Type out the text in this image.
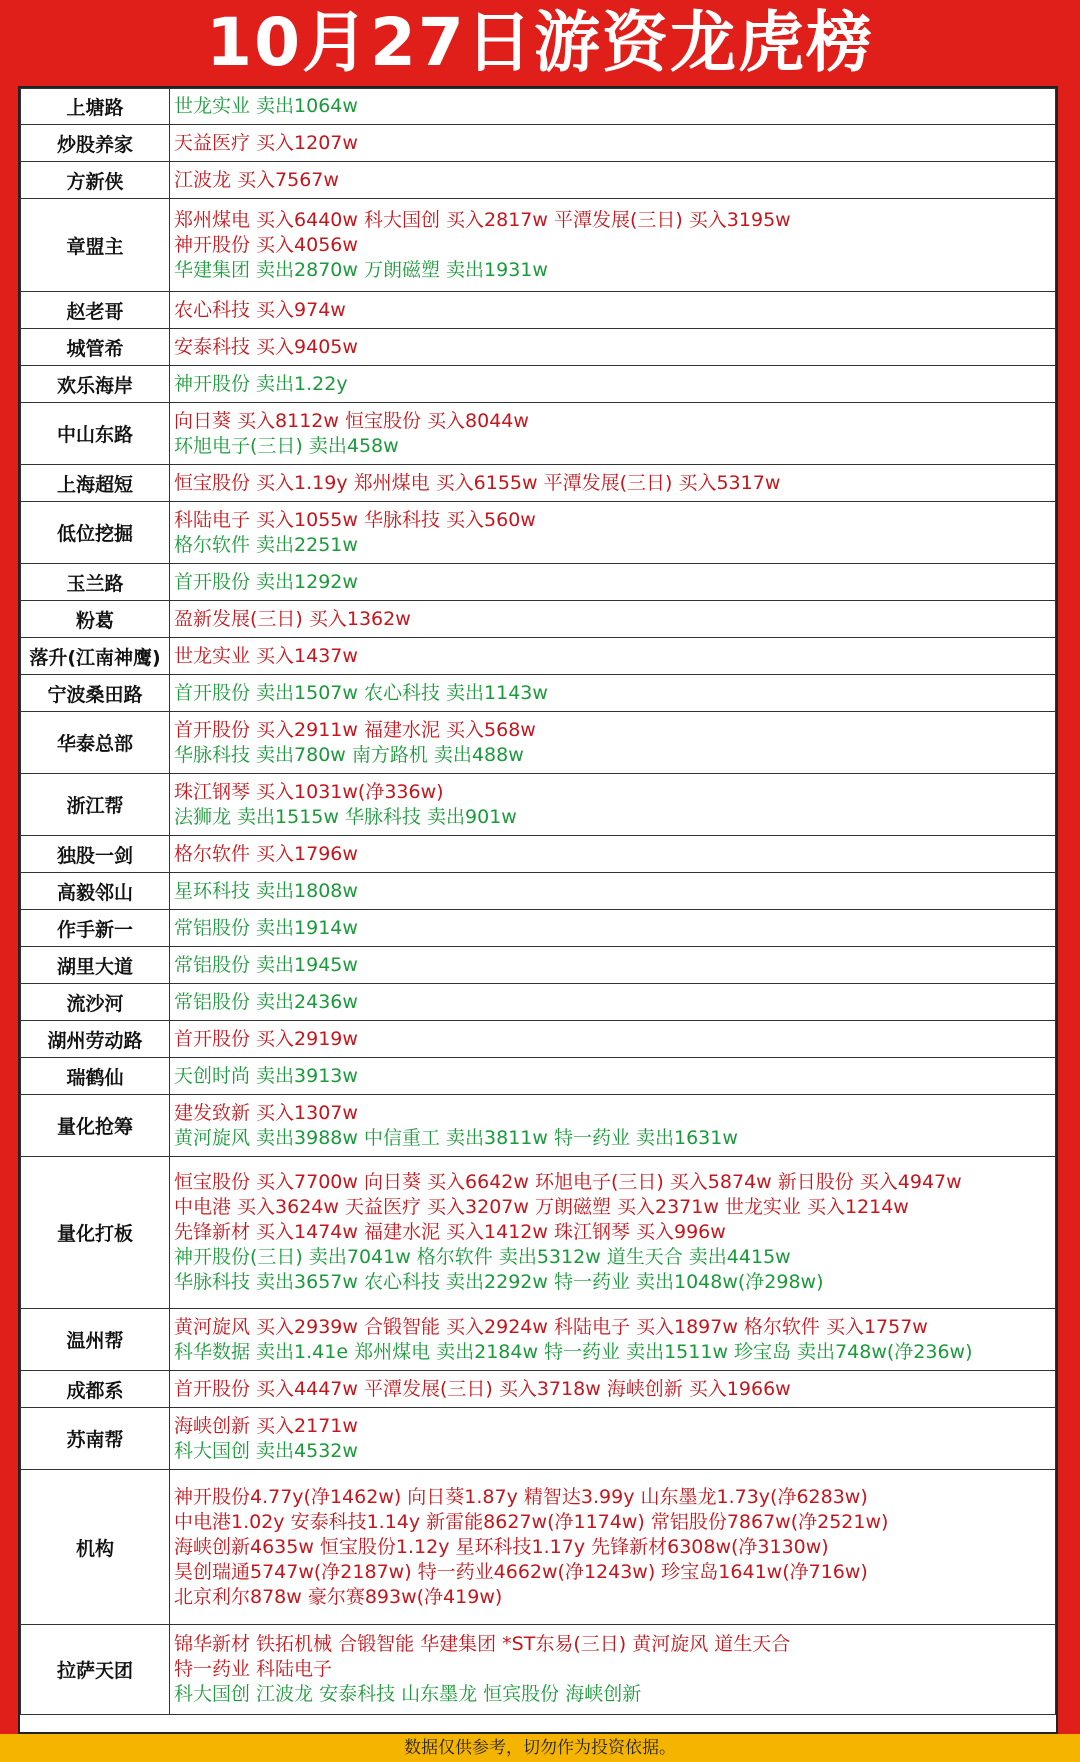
10月27日游资龙虎榜
上塘路	世龙实业 卖出1064w

炒股养家	天益医疗 买入1207w

方新侠	江波龙 买入7567w

章盟主	郑州煤电 买入6440w 科大国创 买入2817w 平潭发展(三日) 买入3195w
神开股份 买入4056w
华建集团 卖出2870w 万朗磁塑 卖出1931w

赵老哥	农心科技 买入974w

城管希	安泰科技 买入9405w

欢乐海岸	神开股份 卖出1.22y

中山东路	向日葵 买入8112w 恒宝股份 买入8044w
环旭电子(三日) 卖出458w

上海超短	恒宝股份 买入1.19y 郑州煤电 买入6155w 平潭发展(三日) 买入5317w

低位挖掘	科陆电子 买入1055w 华脉科技 买入560w
格尔软件 卖出2251w

玉兰路	首开股份 卖出1292w

粉葛	盈新发展(三日) 买入1362w

落升(江南神鹰)	世龙实业 买入1437w

宁波桑田路	首开股份 卖出1507w 农心科技 卖出1143w

华泰总部	首开股份 买入2911w 福建水泥 买入568w
华脉科技 卖出780w 南方路机 卖出488w

浙江帮	珠江钢琴 买入1031w(净336w)
法狮龙 卖出1515w 华脉科技 卖出901w

独股一剑	格尔软件 买入1796w

高毅邻山	星环科技 卖出1808w

作手新一	常铝股份 卖出1914w

湖里大道	常铝股份 卖出1945w

流沙河	常铝股份 卖出2436w

湖州劳动路	首开股份 买入2919w

瑞鹤仙	天创时尚 卖出3913w

量化抢筹	建发致新 买入1307w
黄河旋风 卖出3988w 中信重工 卖出3811w 特一药业 卖出1631w

量化打板	恒宝股份 买入7700w 向日葵 买入6642w 环旭电子(三日) 买入5874w 新日股份 买入4947w
中电港 买入3624w 天益医疗 买入3207w 万朗磁塑 买入2371w 世龙实业 买入1214w
先锋新材 买入1474w 福建水泥 买入1412w 珠江钢琴 买入996w
神开股份(三日) 卖出7041w 格尔软件 卖出5312w 道生天合 卖出4415w
华脉科技 卖出3657w 农心科技 卖出2292w 特一药业 卖出1048w(净298w)

温州帮	黄河旋风 买入2939w 合锻智能 买入2924w 科陆电子 买入1897w 格尔软件 买入1757w
科华数据 卖出1.41e 郑州煤电 卖出2184w 特一药业 卖出1511w 珍宝岛 卖出748w(净236w)

成都系	首开股份 买入4447w 平潭发展(三日) 买入3718w 海峡创新 买入1966w

苏南帮	海峡创新 买入2171w
科大国创 卖出4532w

机构	神开股份4.77y(净1462w) 向日葵1.87y 精智达3.99y 山东墨龙1.73y(净6283w)
中电港1.02y 安泰科技1.14y 新雷能8627w(净1174w) 常铝股份7867w(净2521w)
海峡创新4635w 恒宝股份1.12y 星环科技1.17y 先锋新材6308w(净3130w)
昊创瑞通5747w(净2187w) 特一药业4662w(净1243w) 珍宝岛1641w(净716w)
北京利尔878w 豪尔赛893w(净419w)

拉萨天团	锦华新材 铁拓机械 合锻智能 华建集团 *ST东易(三日) 黄河旋风 道生天合
特一药业 科陆电子
科大国创 江波龙 安泰科技 山东墨龙 恒宾股份 海峡创新
数据仅供参考，切勿作为投资依据。
